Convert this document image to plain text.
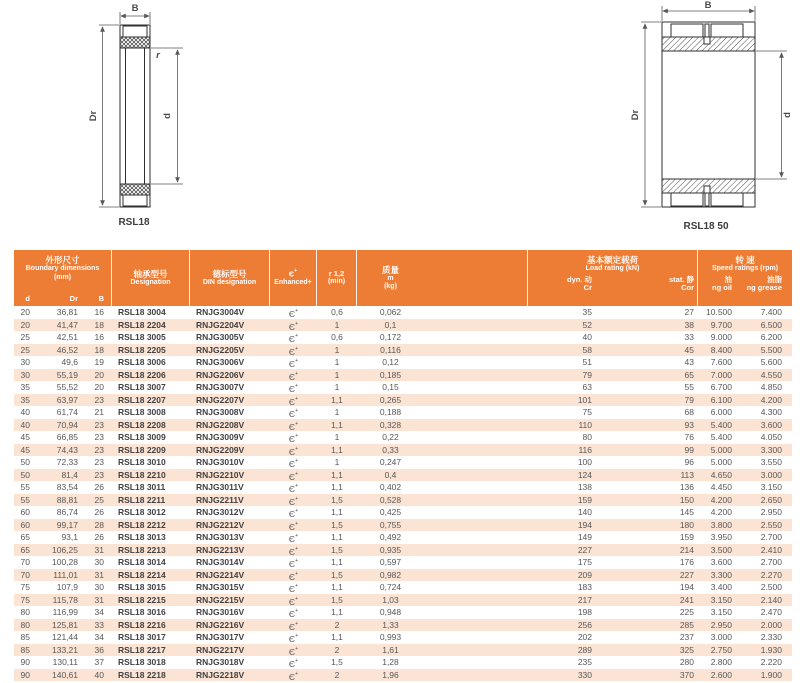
B
Dr	d
r
RSL18
B
Dr	d
RSL18 50
外形尺寸
Boundary dimensions
(mm)
d	Dr	B
轴承型号
Designation
德标型号
DIN designation
Є+
Enhanced+
r 1,2
(min)
质量
m
(kg)
基本额定载荷
Load rating (kN)
dyn. 动
Cr
stat. 静
Cor
转 速
Speed ratings (rpm)
油
ng oil
油脂
ng grease
20	36,81	16	RSL18 3004	RNJG3004V	Є+	0,6	0,062	35	27	10.500	7.400
20	41,47	18	RSL18 2204	RNJG2204V	Є+	1	0,1	52	38	9.700	6.500
25	42,51	16	RSL18 3005	RNJG3005V	Є+	0,6	0,172	40	33	9.000	6.200
25	46,52	18	RSL18 2205	RNJG2205V	Є+	1	0,116	58	45	8.400	5.500
30	49,6	19	RSL18 3006	RNJG3006V	Є+	1	0,12	51	43	7.600	5.600
30	55,19	20	RSL18 2206	RNJG2206V	Є+	1	0,185	79	65	7.000	4.550
35	55,52	20	RSL18 3007	RNJG3007V	Є+	1	0,15	63	55	6.700	4.850
35	63,97	23	RSL18 2207	RNJG2207V	Є+	1,1	0,265	101	79	6.100	4.200
40	61,74	21	RSL18 3008	RNJG3008V	Є+	1	0,188	75	68	6.000	4.300
40	70,94	23	RSL18 2208	RNJG2208V	Є+	1,1	0,328	110	93	5.400	3.600
45	66,85	23	RSL18 3009	RNJG3009V	Є+	1	0,22	80	76	5.400	4.050
45	74,43	23	RSL18 2209	RNJG2209V	Є+	1,1	0,33	116	99	5.000	3.300
50	72,33	23	RSL18 3010	RNJG3010V	Є+	1	0,247	100	96	5.000	3.550
50	81,4	23	RSL18 2210	RNJG2210V	Є+	1,1	0,4	124	113	4.650	3.000
55	83,54	26	RSL18 3011	RNJG3011V	Є+	1,1	0,402	138	136	4.450	3.150
55	88,81	25	RSL18 2211	RNJG2211V	Є+	1,5	0,528	159	150	4.200	2.650
60	86,74	26	RSL18 3012	RNJG3012V	Є+	1,1	0,425	140	145	4.200	2.950
60	99,17	28	RSL18 2212	RNJG2212V	Є+	1,5	0,755	194	180	3.800	2.550
65	93,1	26	RSL18 3013	RNJG3013V	Є+	1,1	0,492	149	159	3.950	2.700
65	106,25	31	RSL18 2213	RNJG2213V	Є+	1,5	0,935	227	214	3.500	2.410
70	100,28	30	RSL18 3014	RNJG3014V	Є+	1,1	0,597	175	176	3.600	2.700
70	111,01	31	RSL18 2214	RNJG2214V	Є+	1,5	0,982	209	227	3.300	2.270
75	107,9	30	RSL18 3015	RNJG3015V	Є+	1,1	0,724	183	194	3.400	2.500
75	115,78	31	RSL18 2215	RNJG2215V	Є+	1,5	1,03	217	241	3.150	2.140
80	116,99	34	RSL18 3016	RNJG3016V	Є+	1,1	0,948	198	225	3.150	2.470
80	125,81	33	RSL18 2216	RNJG2216V	Є+	2	1,33	256	285	2.950	2.000
85	121,44	34	RSL18 3017	RNJG3017V	Є+	1,1	0,993	202	237	3.000	2.330
85	133,21	36	RSL18 2217	RNJG2217V	Є+	2	1,61	289	325	2.750	1.930
90	130,11	37	RSL18 3018	RNJG3018V	Є+	1,5	1,28	235	280	2.800	2.220
90	140,61	40	RSL18 2218	RNJG2218V	Є+	2	1,96	330	370	2.600	1.900
